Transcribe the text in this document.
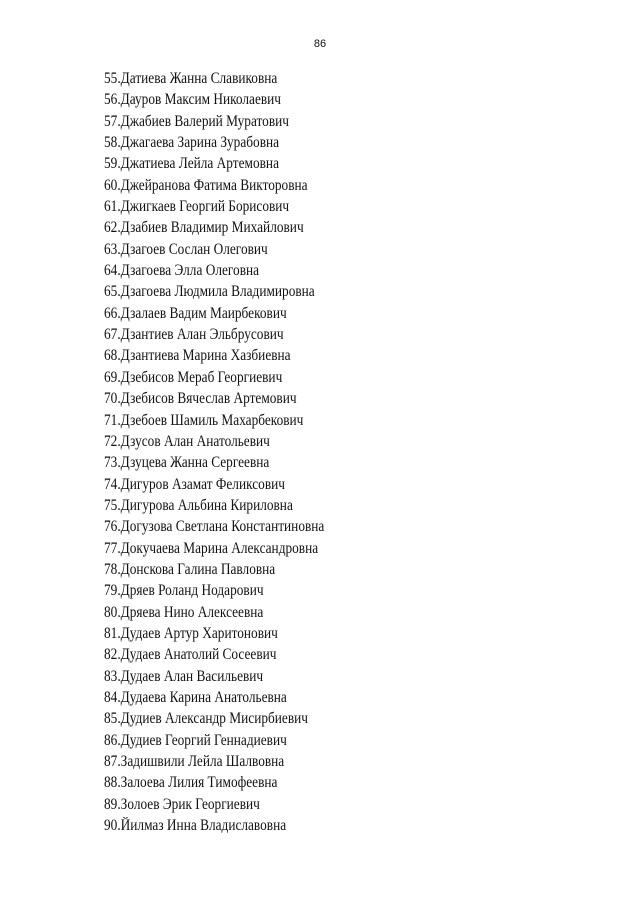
86
55.Датиева Жанна Славиковна
56.Дауров Максим Николаевич
57.Джабиев Валерий Муратович
58.Джагаева Зарина Зурабовна
59.Джатиева Лейла Артемовна
60.Джейранова Фатима Викторовна
61.Джигкаев Георгий Борисович
62.Дзабиев Владимир Михайлович
63.Дзагоев Сослан Олегович
64.Дзагоева Элла Олеговна
65.Дзагоева Людмила Владимировна
66.Дзалаев Вадим Маирбекович
67.Дзантиев Алан Эльбрусович
68.Дзантиева Марина Хазбиевна
69.Дзебисов Мераб Георгиевич
70.Дзебисов Вячеслав Артемович
71.Дзебоев Шамиль Махарбекович
72.Дзусов Алан Анатольевич
73.Дзуцева Жанна Сергеевна
74.Дигуров Азамат Феликсович
75.Дигурова Альбина Кириловна
76.Догузова Светлана Константиновна
77.Докучаева Марина Александровна
78.Донскова Галина Павловна
79.Дряев Роланд Нодарович
80.Дряева Нино Алексеевна
81.Дудаев Артур Харитонович
82.Дудаев Анатолий Сосеевич
83.Дудаев Алан Васильевич
84.Дудаева Карина Анатольевна
85.Дудиев Александр Мисирбиевич
86.Дудиев Георгий Геннадиевич
87.Задишвили Лейла Шалвовна
88.Залоева Лилия Тимофеевна
89.Золоев Эрик Георгиевич
90.Йилмаз Инна Владиславовна
